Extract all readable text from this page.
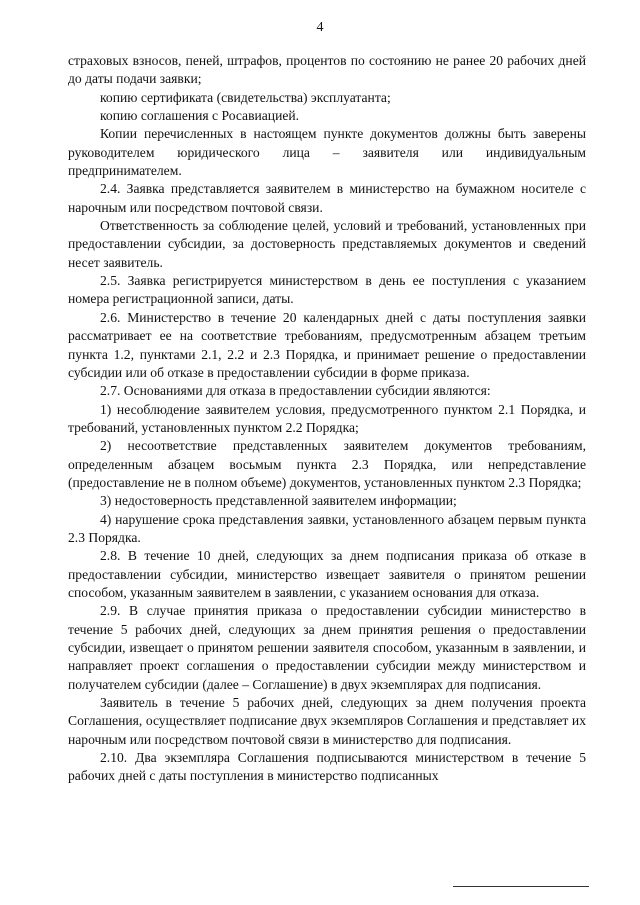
4

страховых взносов, пеней, штрафов, процентов по состоянию не ранее 20 рабочих дней до даты подачи заявки;

копию сертификата (свидетельства) эксплуатанта;

копию соглашения с Росавиацией.

Копии перечисленных в настоящем пункте документов должны быть заверены руководителем юридического лица – заявителя или индивидуальным предпринимателем.

2.4. Заявка представляется заявителем в министерство на бумажном носителе с нарочным или посредством почтовой связи.

Ответственность за соблюдение целей, условий и требований, установленных при предоставлении субсидии, за достоверность представляемых документов и сведений несет заявитель.

2.5. Заявка регистрируется министерством в день ее поступления с указанием номера регистрационной записи, даты.

2.6. Министерство в течение 20 календарных дней с даты поступления заявки рассматривает ее на соответствие требованиям, предусмотренным абзацем третьим пункта 1.2, пунктами 2.1, 2.2 и 2.3 Порядка, и принимает решение о предоставлении субсидии или об отказе в предоставлении субсидии в форме приказа.

2.7. Основаниями для отказа в предоставлении субсидии являются:

1) несоблюдение заявителем условия, предусмотренного пунктом 2.1 Порядка, и требований, установленных пунктом 2.2 Порядка;

2) несоответствие представленных заявителем документов требованиям, определенным абзацем восьмым пункта 2.3 Порядка, или непредставление (предоставление не в полном объеме) документов, установленных пунктом 2.3 Порядка;

3) недостоверность представленной заявителем информации;

4) нарушение срока представления заявки, установленного абзацем первым пункта 2.3 Порядка.

2.8. В течение 10 дней, следующих за днем подписания приказа об отказе в предоставлении субсидии, министерство извещает заявителя о принятом решении способом, указанным заявителем в заявлении, с указанием основания для отказа.

2.9. В случае принятия приказа о предоставлении субсидии министерство в течение 5 рабочих дней, следующих за днем принятия решения о предоставлении субсидии, извещает о принятом решении заявителя способом, указанным в заявлении, и направляет проект соглашения о предоставлении субсидии между министерством и получателем субсидии (далее – Соглашение) в двух экземплярах для подписания.

Заявитель в течение 5 рабочих дней, следующих за днем получения проекта Соглашения, осуществляет подписание двух экземпляров Соглашения и представляет их нарочным или посредством почтовой связи в министерство для подписания.

2.10. Два экземпляра Соглашения подписываются министерством в течение 5 рабочих дней с даты поступления в министерство подписанных
